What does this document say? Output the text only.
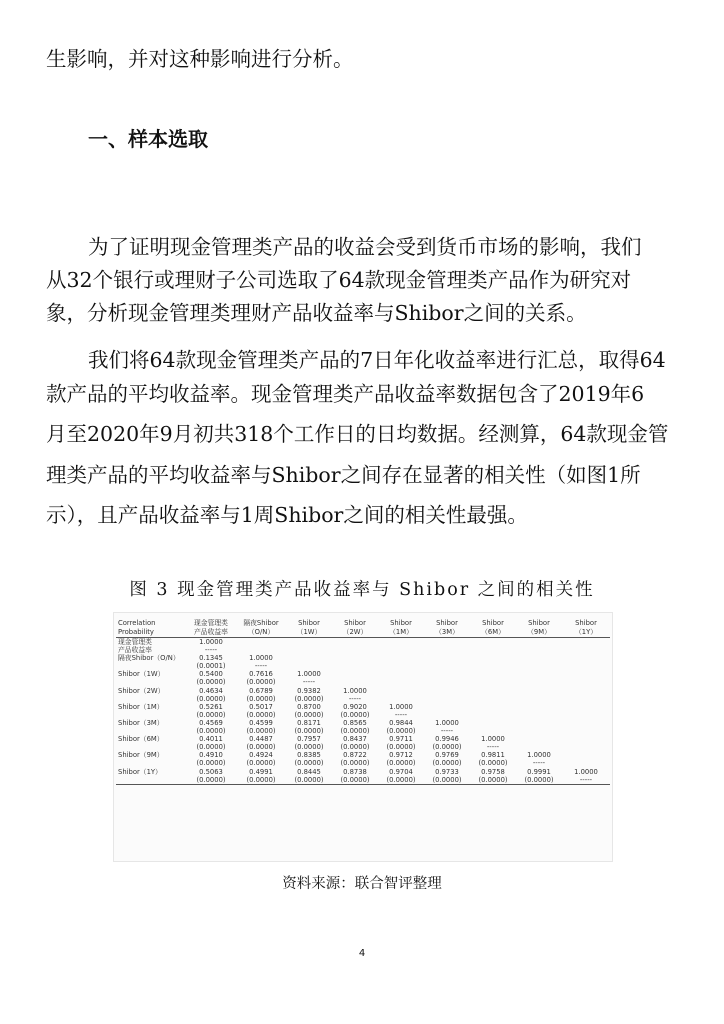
生影响，并对这种影响进行分析。
一、样本选取
为了证明现金管理类产品的收益会受到货币市场的影响，我们
从32个银行或理财子公司选取了64款现金管理类产品作为研究对
象，分析现金管理类理财产品收益率与Shibor之间的关系。
我们将64款现金管理类产品的7日年化收益率进行汇总，取得64
款产品的平均收益率。现金管理类产品收益率数据包含了2019年6
月至2020年9月初共318个工作日的日均数据。经测算，64款现金管
理类产品的平均收益率与Shibor之间存在显著的相关性（如图1所
示），且产品收益率与1周Shibor之间的相关性最强。
图 3 现金管理类产品收益率与 Shibor 之间的相关性
Correlation	现金管理类	隔夜Shibor	Shibor	Shibor	Shibor	Shibor	Shibor	Shibor	Shibor
Probability	产品收益率	（O/N）	（1W）	（2W）	（1M）	（3M）	（6M）	（9M）	（1Y）
现金管理类	1.0000								
产品收益率	-----								
隔夜Shibor（O/N）	0.1345	1.0000							
	(0.0001)	-----							
Shibor（1W）	0.5400	0.7616	1.0000						
	(0.0000)	(0.0000)	-----						
Shibor（2W）	0.4634	0.6789	0.9382	1.0000					
	(0.0000)	(0.0000)	(0.0000)	-----					
Shibor（1M）	0.5261	0.5017	0.8700	0.9020	1.0000				
	(0.0000)	(0.0000)	(0.0000)	(0.0000)	-----				
Shibor（3M）	0.4569	0.4599	0.8171	0.8565	0.9844	1.0000			
	(0.0000)	(0.0000)	(0.0000)	(0.0000)	(0.0000)	-----			
Shibor（6M）	0.4011	0.4487	0.7957	0.8437	0.9711	0.9946	1.0000		
	(0.0000)	(0.0000)	(0.0000)	(0.0000)	(0.0000)	(0.0000)	-----		
Shibor（9M）	0.4910	0.4924	0.8385	0.8722	0.9712	0.9769	0.9811	1.0000	
	(0.0000)	(0.0000)	(0.0000)	(0.0000)	(0.0000)	(0.0000)	(0.0000)	-----	
Shibor（1Y）	0.5063	0.4991	0.8445	0.8738	0.9704	0.9733	0.9758	0.9991	1.0000
	(0.0000)	(0.0000)	(0.0000)	(0.0000)	(0.0000)	(0.0000)	(0.0000)	(0.0000)	-----
资料来源：联合智评整理
4
